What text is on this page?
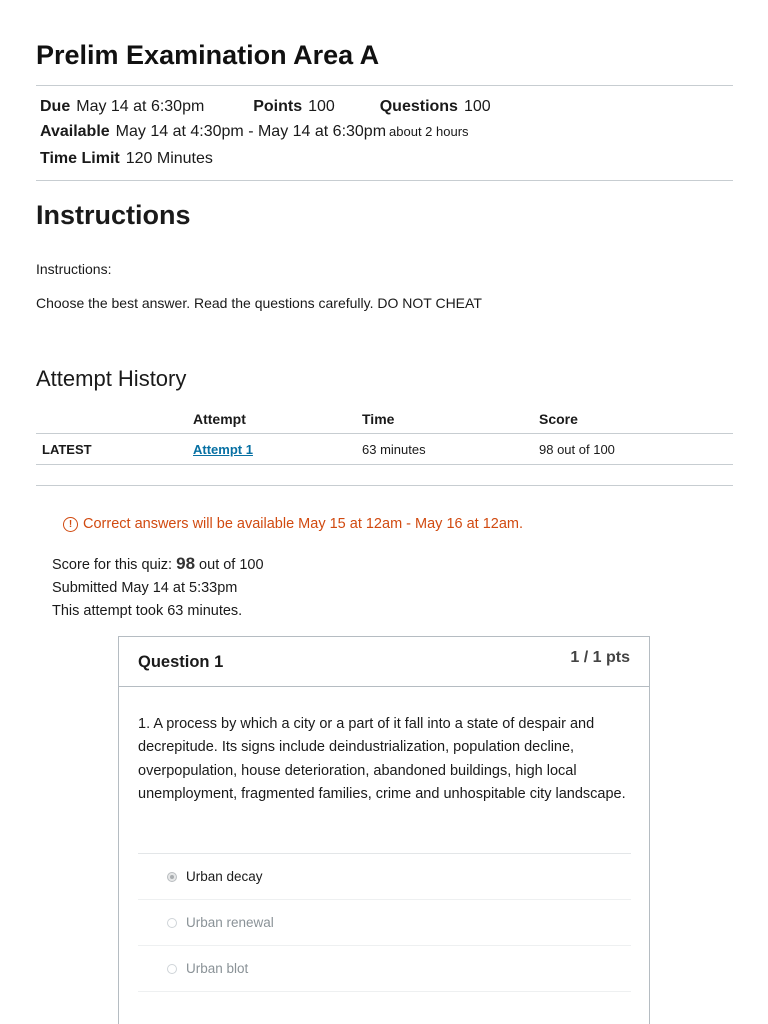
Prelim Examination Area A
Due May 14 at 6:30pm	Points 100	Questions 100
Available May 14 at 4:30pm - May 14 at 6:30pm about 2 hours
Time Limit 120 Minutes
Instructions

Instructions:

Choose the best answer. Read the questions carefully. DO NOT CHEAT

Attempt History
	Attempt	Time	Score
LATEST	Attempt 1	63 minutes	98 out of 100
! Correct answers will be available May 15 at 12am - May 16 at 12am.
Score for this quiz: 98 out of 100
Submitted May 14 at 5:33pm
This attempt took 63 minutes.
Question 1	1 / 1 pts

1. A process by which a city or a part of it fall into a state of despair and decrepitude. Its signs include deindustrialization, population decline, overpopulation, house deterioration, abandoned buildings, high local unemployment, fragmented families, crime and unhospitable city landscape.

Urban decay
Urban renewal
Urban blot
